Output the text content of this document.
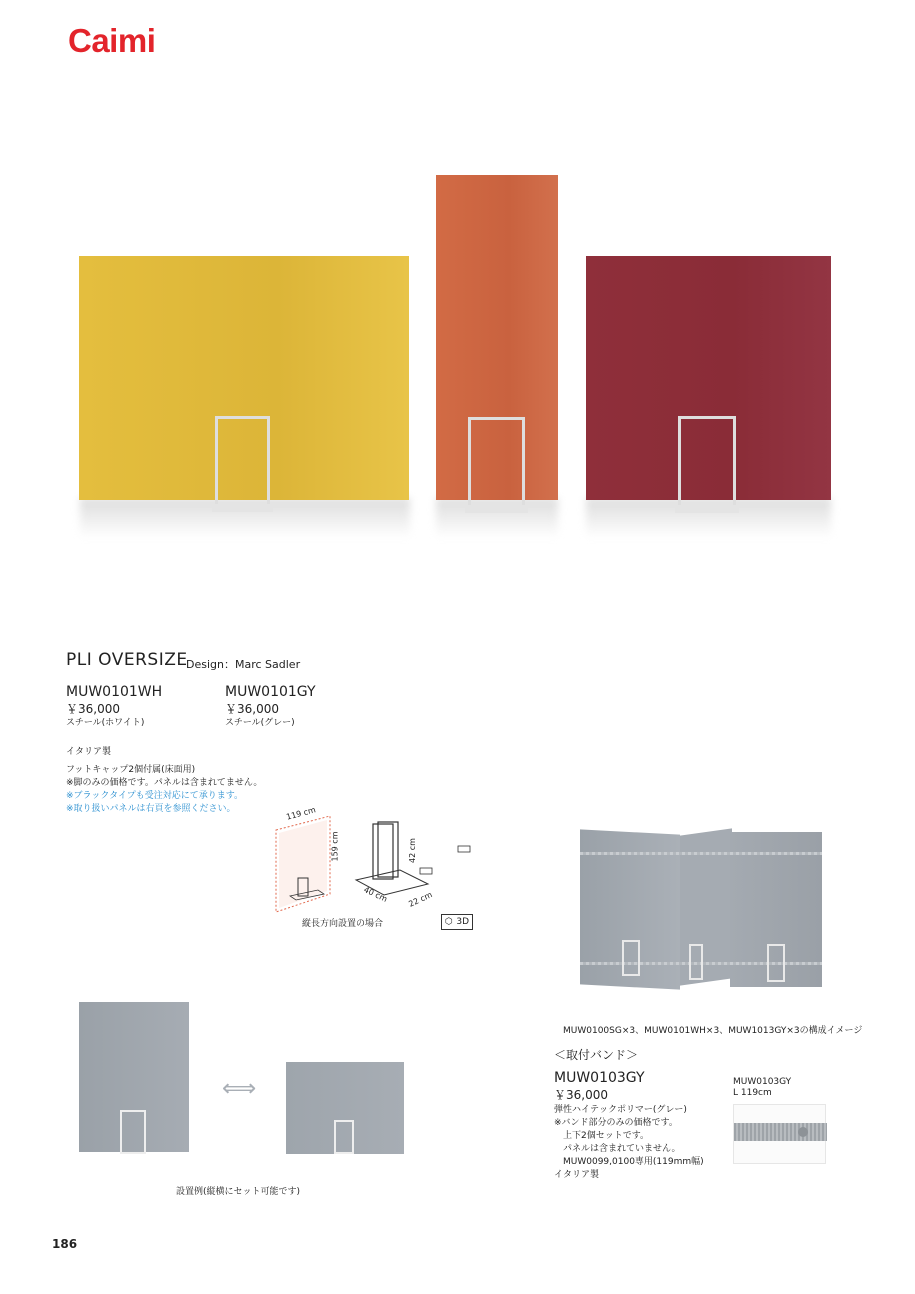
Caimi
PLI OVERSIZE
Design：Marc Sadler
MUW0101WH
￥36,000
スチール(ホワイト)
MUW0101GY
￥36,000
スチール(グレー)
イタリア製
フットキャップ2個付属(床面用)
※脚のみの価格です。パネルは含まれてません。
※ブラックタイプも受注対応にて承ります。
※取り扱いパネルは右頁を参照ください。	119 cm
159 cm	42 cm
40 cm 22 cm
縦長方向設置の場合	⬡ 3D
MUW0100SG×3、MUW0101WH×3、MUW1013GY×3の構成イメージ
＜取付バンド＞
MUW0103GY
￥36,000
弾性ハイテックポリマー(グレー)
※バンド部分のみの価格です。
　上下2個セットです。
　パネルは含まれていません。
　MUW0099,0100専用(119mm幅)
イタリア製
MUW0103GY
L 119cm
⟺
設置例(縦横にセット可能です)
186
